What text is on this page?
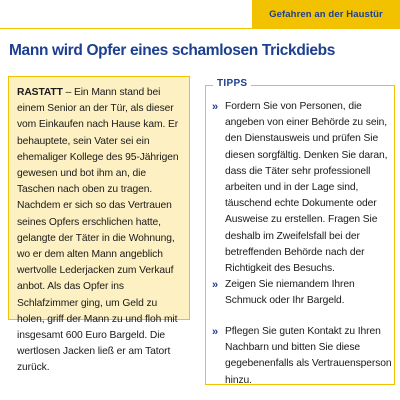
Gefahren an der Haustür
Mann wird Opfer eines schamlosen Trickdiebs
RASTATT – Ein Mann stand bei einem Senior an der Tür, als dieser vom Einkaufen nach Hause kam. Er behauptete, sein Vater sei ein ehemaliger Kollege des 95-Jährigen gewesen und bot ihm an, die Taschen nach oben zu tragen. Nachdem er sich so das Vertrauen seines Opfers erschlichen hatte, gelangte der Täter in die Wohnung, wo er dem alten Mann angeblich wertvolle Lederjacken zum Verkauf anbot. Als das Opfer ins Schlafzimmer ging, um Geld zu holen, griff der Mann zu und floh mit insgesamt 600 Euro Bargeld. Die wertlosen Jacken ließ er am Tatort zurück.
TIPPS
» Fordern Sie von Personen, die angeben von einer Behörde zu sein, den Dienstausweis und prüfen Sie diesen sorgfältig. Denken Sie daran, dass die Täter sehr professionell arbeiten und in der Lage sind, täuschend echte Dokumente oder Ausweise zu erstellen. Fragen Sie deshalb im Zweifelsfall bei der betreffenden Behörde nach der Richtigkeit des Besuchs.
» Zeigen Sie niemandem Ihren Schmuck oder Ihr Bargeld.
» Pflegen Sie guten Kontakt zu Ihren Nachbarn und bitten Sie diese gegebenenfalls als Vertrauensperson hinzu.
